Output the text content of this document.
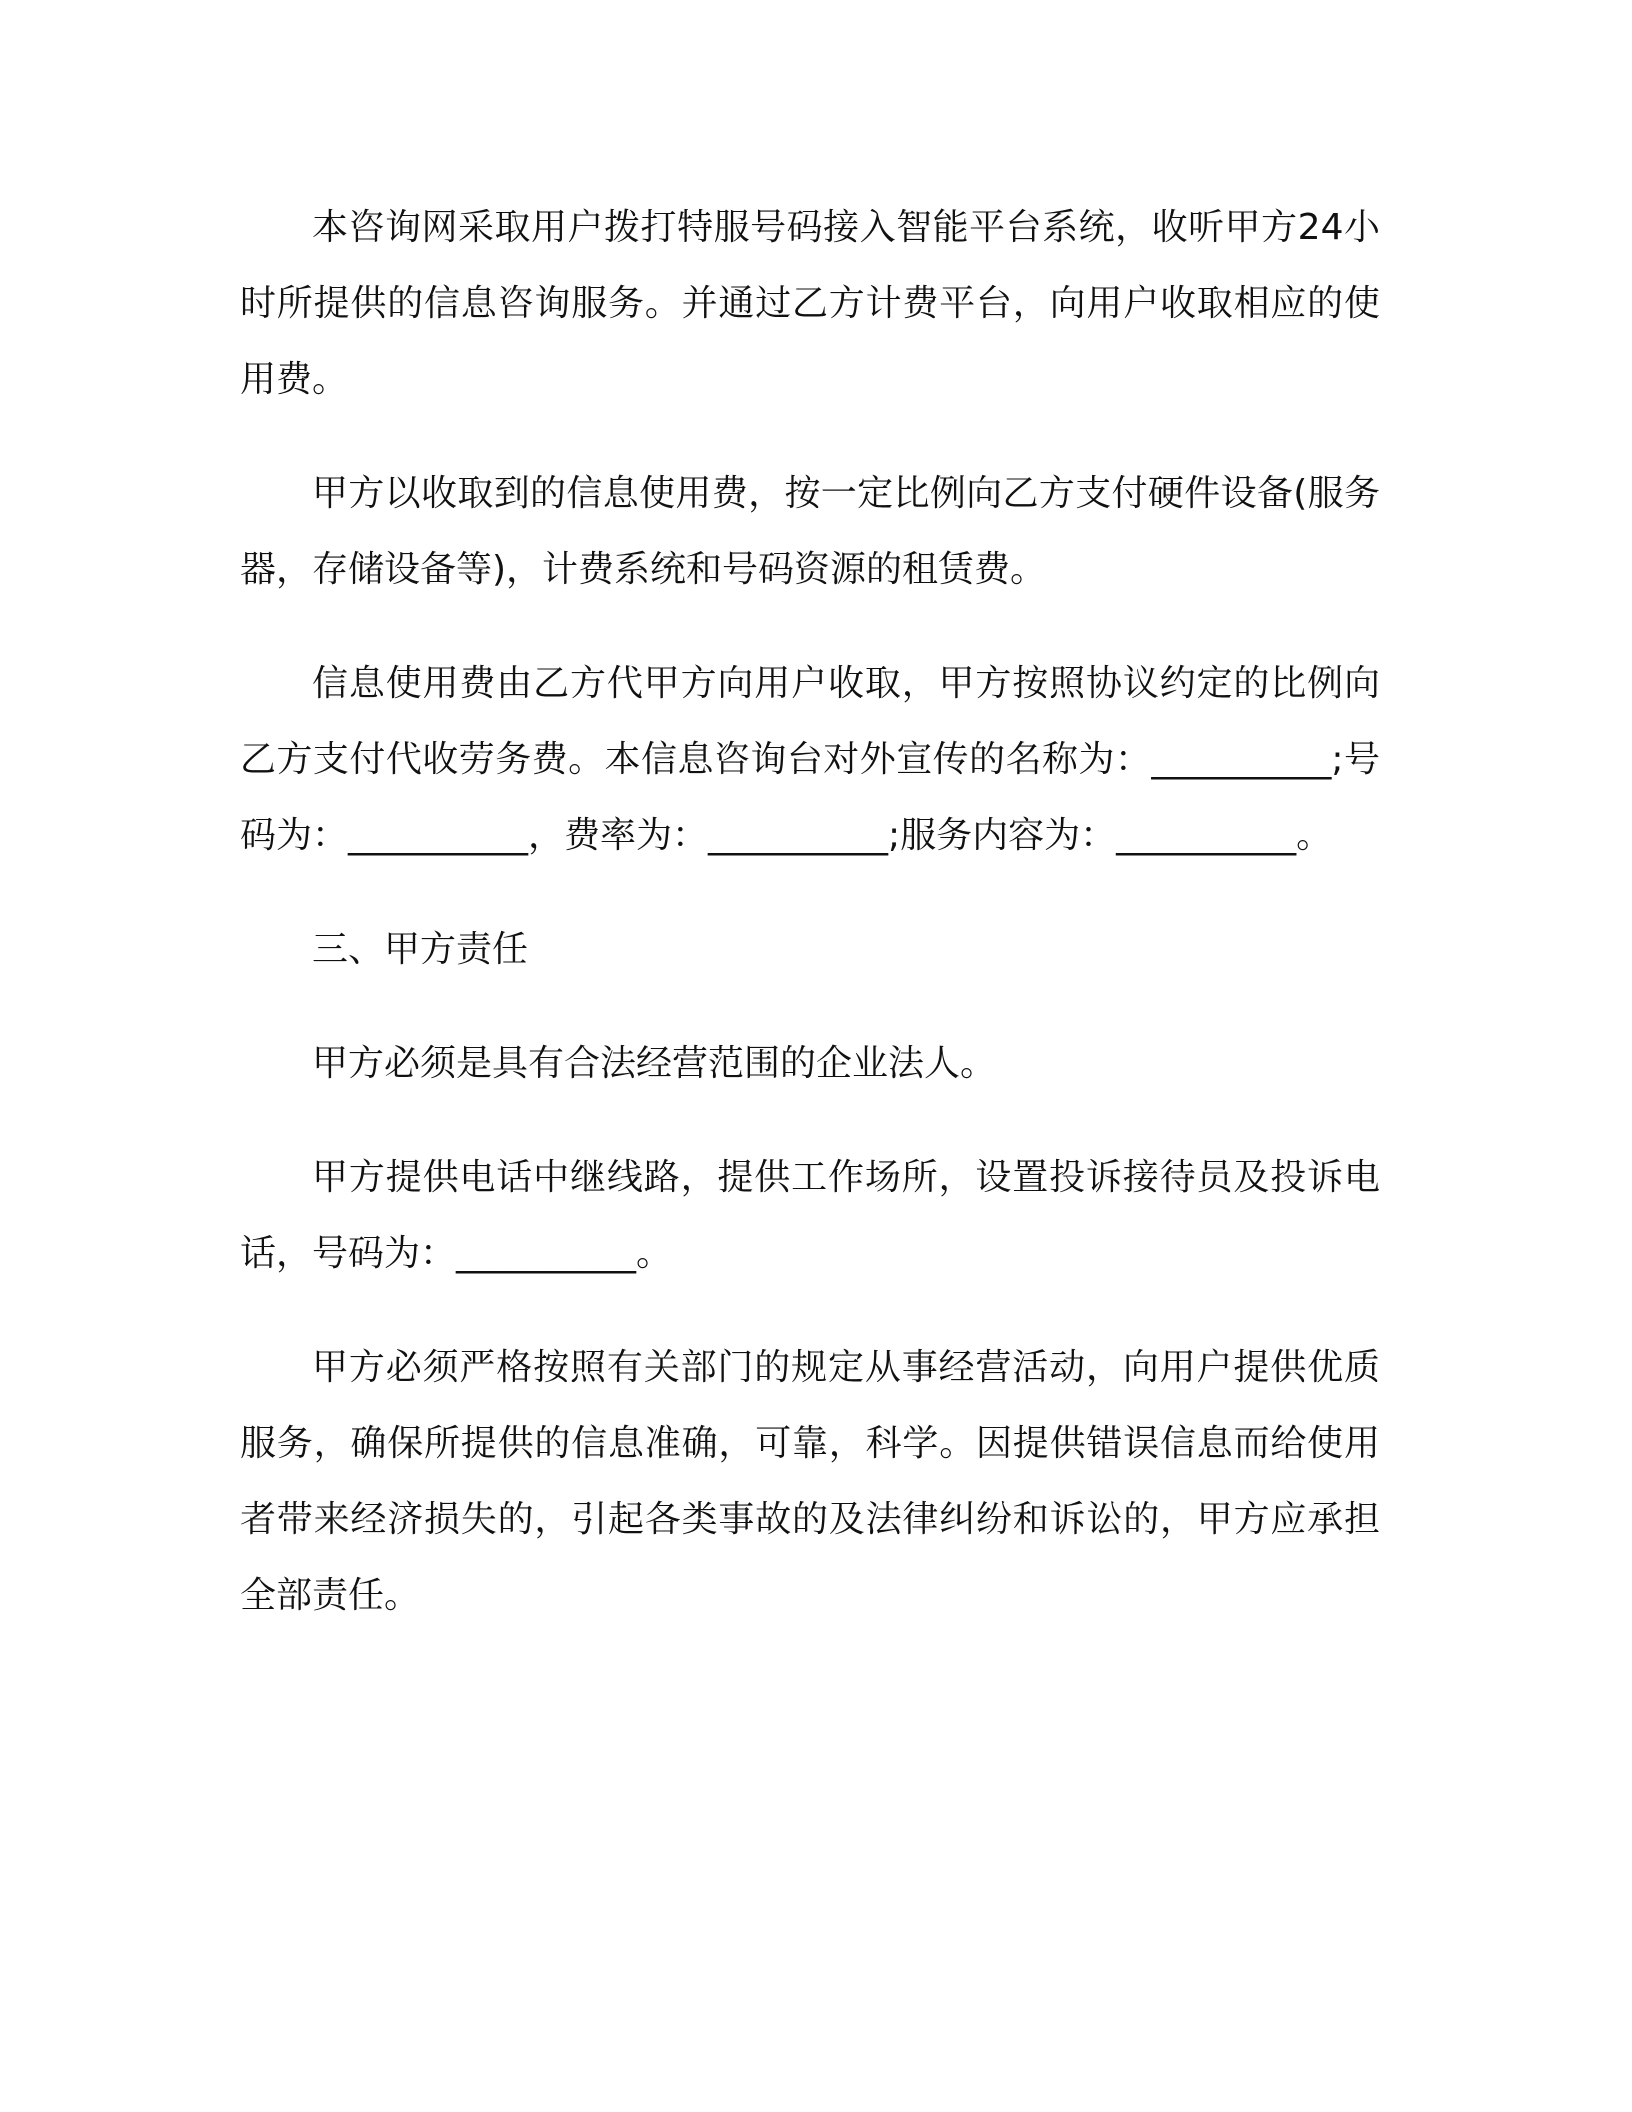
本咨询网采取用户拨打特服号码接入智能平台系统，收听甲方24小时所提供的信息咨询服务。并通过乙方计费平台，向用户收取相应的使用费。

甲方以收取到的信息使用费，按一定比例向乙方支付硬件设备(服务器，存储设备等)，计费系统和号码资源的租赁费。

信息使用费由乙方代甲方向用户收取，甲方按照协议约定的比例向乙方支付代收劳务费。本信息咨询台对外宣传的名称为：__________;号码为：__________，费率为：__________;服务内容为：__________。

三、甲方责任

甲方必须是具有合法经营范围的企业法人。

甲方提供电话中继线路，提供工作场所，设置投诉接待员及投诉电话，号码为：__________。

甲方必须严格按照有关部门的规定从事经营活动，向用户提供优质服务，确保所提供的信息准确，可靠，科学。因提供错误信息而给使用者带来经济损失的，引起各类事故的及法律纠纷和诉讼的，甲方应承担全部责任。
